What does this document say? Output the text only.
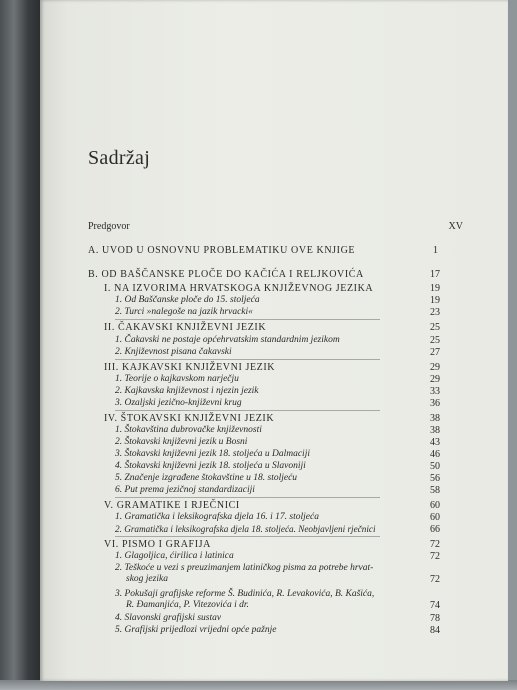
Sadržaj
Predgovor	XV
A. UVOD U OSNOVNU PROBLEMATIKU OVE KNJIGE	1
B. OD BAŠČANSKE PLOČE DO KAČIĆA I RELJKOVIĆA	17
I. NA IZVORIMA HRVATSKOGA KNJIŽEVNOG JEZIKA	19
1. Od Baščanske ploče do 15. stoljeća	19
2. Turci »nalegoše na jazik hrvacki«	23
II. ČAKAVSKI KNJIŽEVNI JEZIK	25
1. Čakavski ne postaje općehrvatskim standardnim jezikom	25
2. Književnost pisana čakavski	27
III. KAJKAVSKI KNJIŽEVNI JEZIK	29
1. Teorije o kajkavskom narječju	29
2. Kajkavska književnost i njezin jezik	33
3. Ozaljski jezično-književni krug	36
IV. ŠTOKAVSKI KNJIŽEVNI JEZIK	38
1. Štokavština dubrovačke književnosti	38
2. Štokavski književni jezik u Bosni	43
3. Štokavski književni jezik 18. stoljeća u Dalmaciji	46
4. Štokavski književni jezik 18. stoljeća u Slavoniji	50
5. Značenje izgrađene štokavštine u 18. stoljeću	56
6. Put prema jezičnoj standardizaciji	58
V. GRAMATIKE I RJEČNICI	60
1. Gramatička i leksikografska djela 16. i 17. stoljeća	60
2. Gramatička i leksikografska djela 18. stoljeća. Neobjavljeni rječnici	66
VI. PISMO I GRAFIJA	72
1. Glagoljica, ćirilica i latinica	72
2. Teškoće u vezi s preuzimanjem latiničkog pisma za potrebe hrvat-
skog jezika	72
3. Pokušaji grafijske reforme Š. Budinića, R. Levakovića, B. Kašića,
R. Đamanjića, P. Vitezovića i dr.	74
4. Slavonski grafijski sustav	78
5. Grafijski prijedlozi vrijedni opće pažnje	84
